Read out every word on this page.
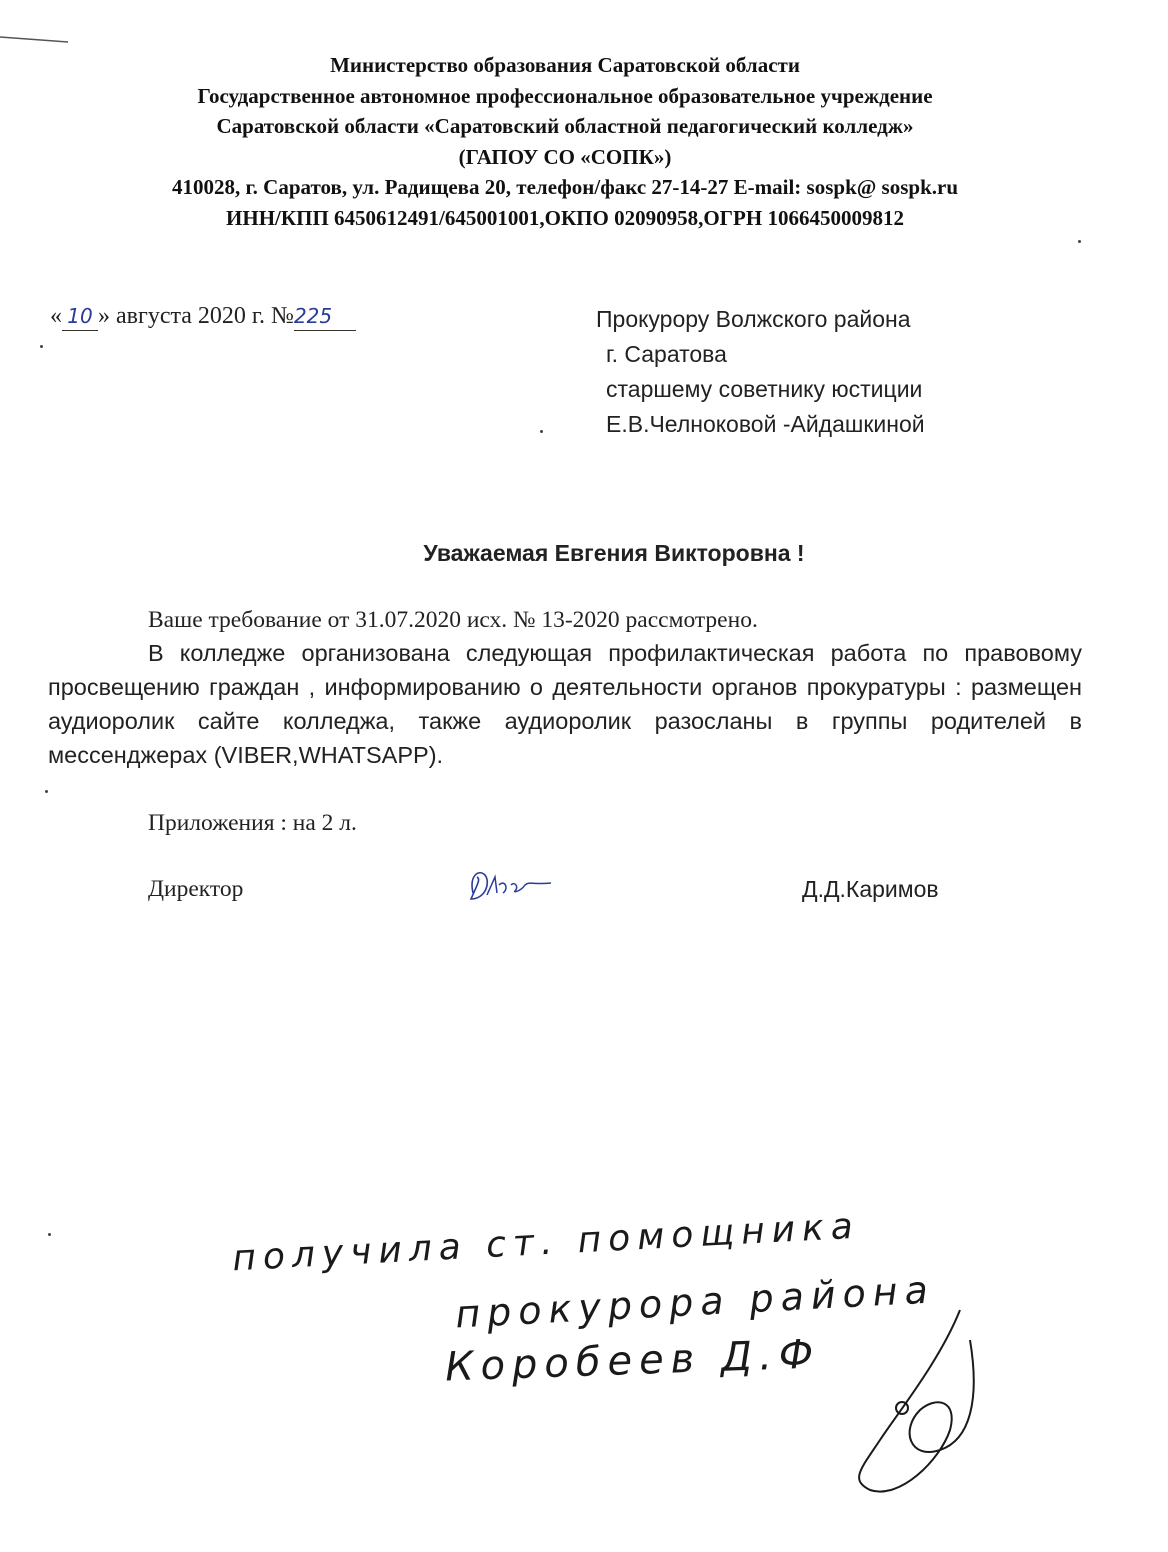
Министерство образования Саратовской области
Государственное автономное профессиональное образовательное учреждение
Саратовской области «Саратовский областной педагогический колледж»
(ГАПОУ СО «СОПК»)
410028, г. Саратов, ул. Радищева 20, телефон/факс 27-14-27 E-mail: sospk@ sospk.ru
ИНН/КПП 6450612491/645001001,ОКПО 02090958,ОГРН 1066450009812
« 10 » августа 2020 г. №225	Прокурору Волжского района
г. Саратова
старшему советнику юстиции
Е.В.Челноковой -Айдашкиной
Уважаемая Евгения Викторовна !

Ваше требование от 31.07.2020 исх. № 13-2020 рассмотрено.

В колледже организована следующая профилактическая работа по правовому просвещению граждан , информированию о деятельности органов прокуратуры : размещен аудиоролик сайте колледжа, также аудиоролик разосланы в группы родителей в мессенджерах (VIBER,WHATSAPP).

Приложения : на 2 л.
Директор	Д.Д.Каримов
получила ст. помощника
прокурора района
Коробеев Д.Ф
